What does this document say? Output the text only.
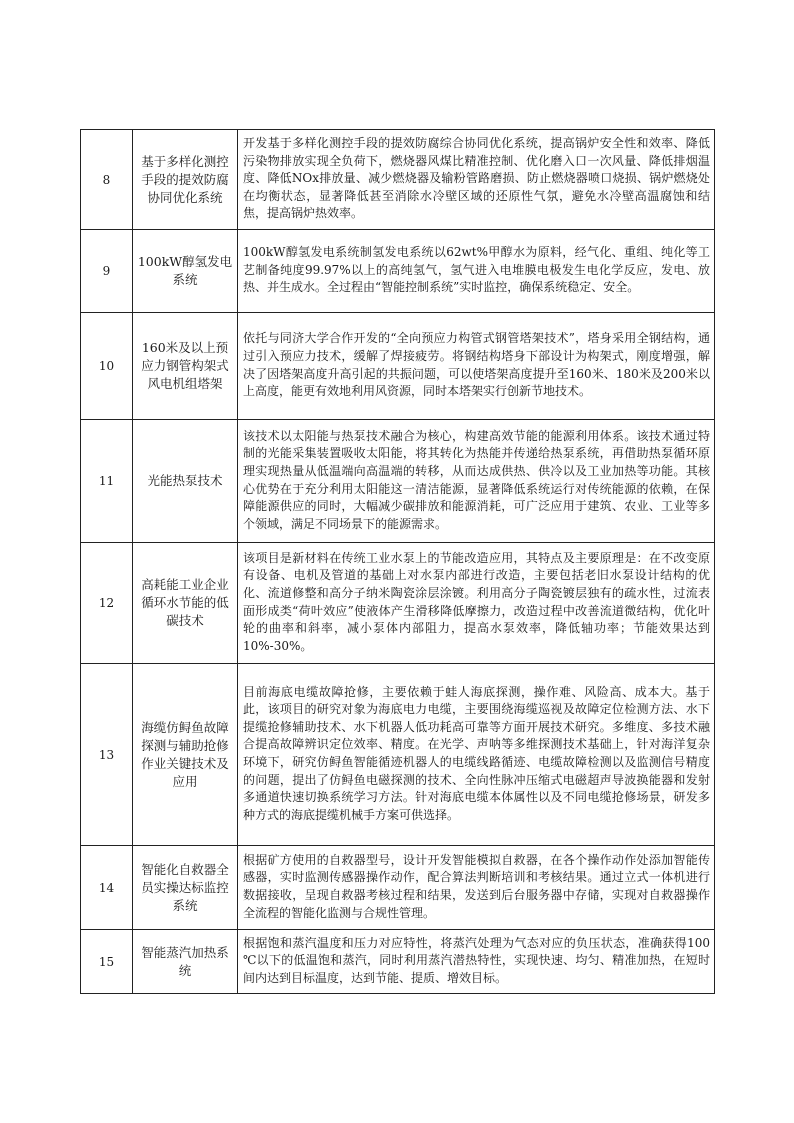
8	基于多样化测控手段的提效防腐协同优化系统	开发基于多样化测控手段的提效防腐综合协同优化系统，提高锅炉安全性和效率、降低污染物排放实现全负荷下，燃烧器风煤比精准控制、优化磨入口一次风量、降低排烟温度、降低NOx排放量、减少燃烧器及输粉管路磨损、防止燃烧器喷口烧损、锅炉燃烧处在均衡状态，显著降低甚至消除水冷壁区域的还原性气氛，避免水冷壁高温腐蚀和结焦，提高锅炉热效率。
9	100kW醇氢发电系统	100kW醇氢发电系统制氢发电系统以62wt%甲醇水为原料，经气化、重组、纯化等工艺制备纯度99.97%以上的高纯氢气，氢气进入电堆膜电极发生电化学反应，发电、放热、并生成水。全过程由“智能控制系统”实时监控，确保系统稳定、安全。
10	160米及以上预应力钢管构架式风电机组塔架	依托与同济大学合作开发的“全向预应力构管式钢管塔架技术”，塔身采用全钢结构，通过引入预应力技术，缓解了焊接疲劳。将钢结构塔身下部设计为构架式，刚度增强，解决了因塔架高度升高引起的共振问题，可以使塔架高度提升至160米、180米及200米以上高度，能更有效地利用风资源，同时本塔架实行创新节地技术。
11	光能热泵技术	该技术以太阳能与热泵技术融合为核心，构建高效节能的能源利用体系。该技术通过特制的光能采集装置吸收太阳能，将其转化为热能并传递给热泵系统，再借助热泵循环原理实现热量从低温端向高温端的转移，从而达成供热、供冷以及工业加热等功能。其核心优势在于充分利用太阳能这一清洁能源，显著降低系统运行对传统能源的依赖，在保障能源供应的同时，大幅减少碳排放和能源消耗，可广泛应用于建筑、农业、工业等多个领域，满足不同场景下的能源需求。
12	高耗能工业企业循环水节能的低碳技术	该项目是新材料在传统工业水泵上的节能改造应用，其特点及主要原理是：在不改变原有设备、电机及管道的基础上对水泵内部进行改造，主要包括老旧水泵设计结构的优化、流道修整和高分子纳米陶瓷涂层涂镀。利用高分子陶瓷镀层独有的疏水性，过流表面形成类“荷叶效应”使液体产生滑移降低摩擦力，改造过程中改善流道微结构，优化叶轮的曲率和斜率，减小泵体内部阻力，提高水泵效率，降低轴功率；节能效果达到10%-30%。
13	海缆仿鲟鱼故障探测与辅助抢修作业关键技术及应用	目前海底电缆故障抢修，主要依赖于蛙人海底探测，操作难、风险高、成本大。基于此，该项目的研究对象为海底电力电缆，主要围绕海缆巡视及故障定位检测方法、水下提缆抢修辅助技术、水下机器人低功耗高可靠等方面开展技术研究。多维度、多技术融合提高故障辨识定位效率、精度。在光学、声呐等多维探测技术基础上，针对海洋复杂环境下，研究仿鲟鱼智能循迹机器人的电缆线路循迹、电缆故障检测以及监测信号精度的问题，提出了仿鲟鱼电磁探测的技术、全向性脉冲压缩式电磁超声导波换能器和发射多通道快速切换系统学习方法。针对海底电缆本体属性以及不同电缆抢修场景，研发多种方式的海底提缆机械手方案可供选择。
14	智能化自救器全员实操达标监控系统	根据矿方使用的自救器型号，设计开发智能模拟自救器，在各个操作动作处添加智能传感器，实时监测传感器操作动作，配合算法判断培训和考核结果。通过立式一体机进行数据接收，呈现自救器考核过程和结果，发送到后台服务器中存储，实现对自救器操作全流程的智能化监测与合规性管理。
15	智能蒸汽加热系统	根据饱和蒸汽温度和压力对应特性，将蒸汽处理为气态对应的负压状态，准确获得100 ℃以下的低温饱和蒸汽，同时利用蒸汽潜热特性，实现快速、均匀、精准加热，在短时间内达到目标温度，达到节能、提质、增效目标。
